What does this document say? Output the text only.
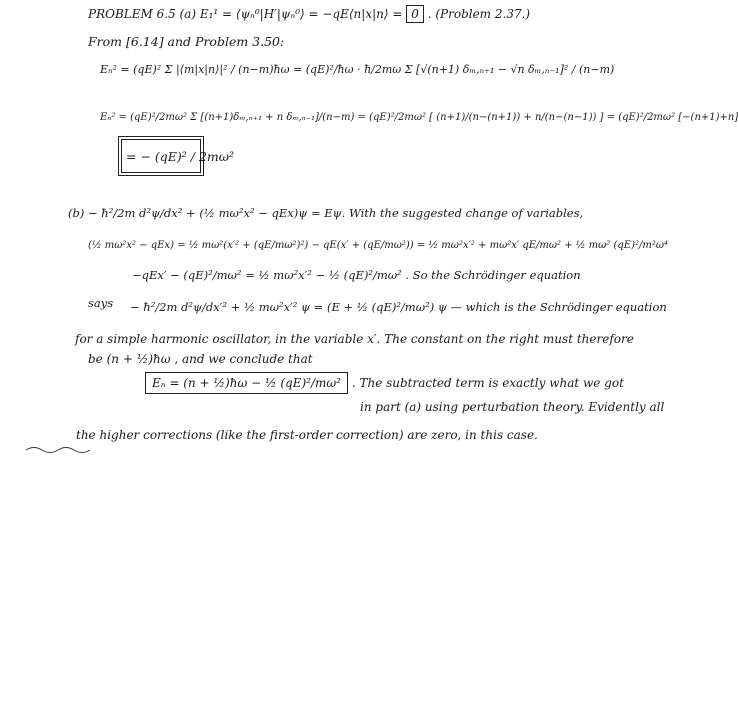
PROBLEM 6.5 (a) E₁¹ = ⟨ψₙ⁰|H′|ψₙ⁰⟩ = −qE⟨n|x|n⟩ = 0 . (Problem 2.37.)
From [6.14] and Problem 3.50:
Eₙ² = (qE)² Σ |⟨m|x|n⟩|² / (n−m)ħω = (qE)²/ħω · ħ/2mω Σ [√(n+1) δₘ,ₙ₊₁ − √n δₘ,ₙ₋₁]² / (n−m)
Eₙ² = (qE)²/2mω² Σ [(n+1)δₘ,ₙ₊₁ + n δₘ,ₙ₋₁]/(n−m) = (qE)²/2mω² [ (n+1)/(n−(n+1)) + n/(n−(n−1)) ] = (qE)²/2mω² [−(n+1)+n]
= − (qE)² / 2mω²
(b) − ħ²/2m d²ψ/dx² + (½ mω²x² − qEx)ψ = Eψ. With the suggested change of variables,
(½ mω²x² − qEx) = ½ mω²(x′² + (qE/mω²)²) − qE(x′ + (qE/mω²)) = ½ mω²x′² + mω²x′ qE/mω² + ½ mω² (qE)²/m²ω⁴
−qEx′ − (qE)²/mω² = ½ mω²x′² − ½ (qE)²/mω² . So the Schrödinger equation
says − ħ²/2m d²ψ/dx′² + ½ mω²x′² ψ = (E + ½ (qE)²/mω²) ψ — which is the Schrödinger equation
for a simple harmonic oscillator, in the variable x′. The constant on the right must therefore
be (n + ½)ħω , and we conclude that
Eₙ = (n + ½)ħω − ½ (qE)²/mω² . The subtracted term is exactly what we got
in part (a) using perturbation theory. Evidently all
the higher corrections (like the first-order correction) are zero, in this case.
